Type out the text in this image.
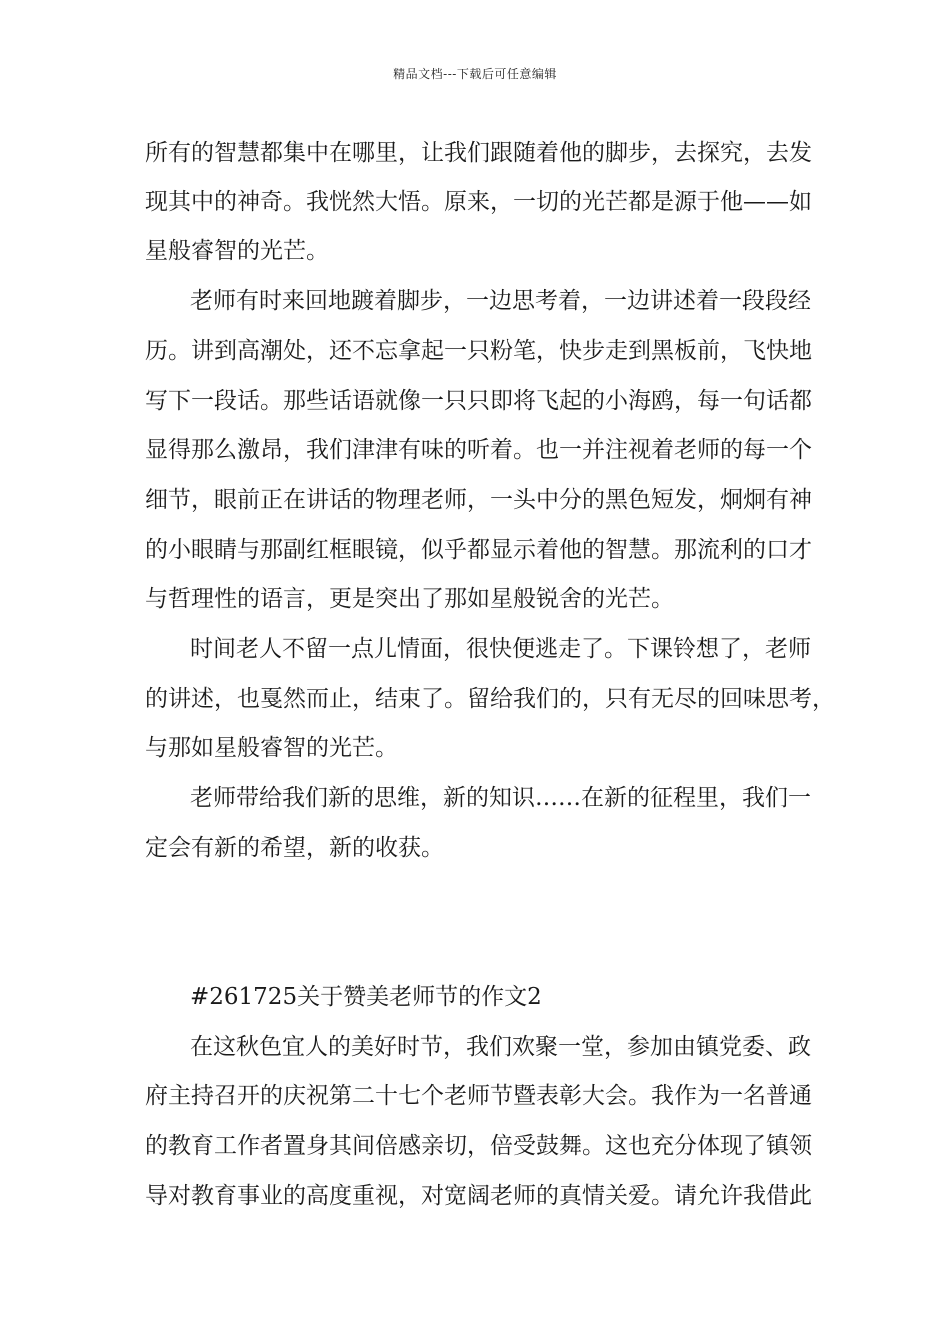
精品文档---下载后可任意编辑
所有的智慧都集中在哪里，让我们跟随着他的脚步，去探究，去发
现其中的神奇。我恍然大悟。原来，一切的光芒都是源于他——如
星般睿智的光芒。
老师有时来回地踱着脚步，一边思考着，一边讲述着一段段经
历。讲到高潮处，还不忘拿起一只粉笔，快步走到黑板前，飞快地
写下一段话。那些话语就像一只只即将飞起的小海鸥，每一句话都
显得那么激昂，我们津津有味的听着。也一并注视着老师的每一个
细节，眼前正在讲话的物理老师，一头中分的黑色短发，炯炯有神
的小眼睛与那副红框眼镜，似乎都显示着他的智慧。那流利的口才
与哲理性的语言，更是突出了那如星般锐舍的光芒。
时间老人不留一点儿情面，很快便逃走了。下课铃想了，老师
的讲述，也戛然而止，结束了。留给我们的，只有无尽的回味思考，
与那如星般睿智的光芒。
老师带给我们新的思维，新的知识……在新的征程里，我们一
定会有新的希望，新的收获。
#261725关于赞美老师节的作文2
在这秋色宜人的美好时节，我们欢聚一堂，参加由镇党委、政
府主持召开的庆祝第二十七个老师节暨表彰大会。我作为一名普通
的教育工作者置身其间倍感亲切，倍受鼓舞。这也充分体现了镇领
导对教育事业的高度重视，对宽阔老师的真情关爱。请允许我借此
